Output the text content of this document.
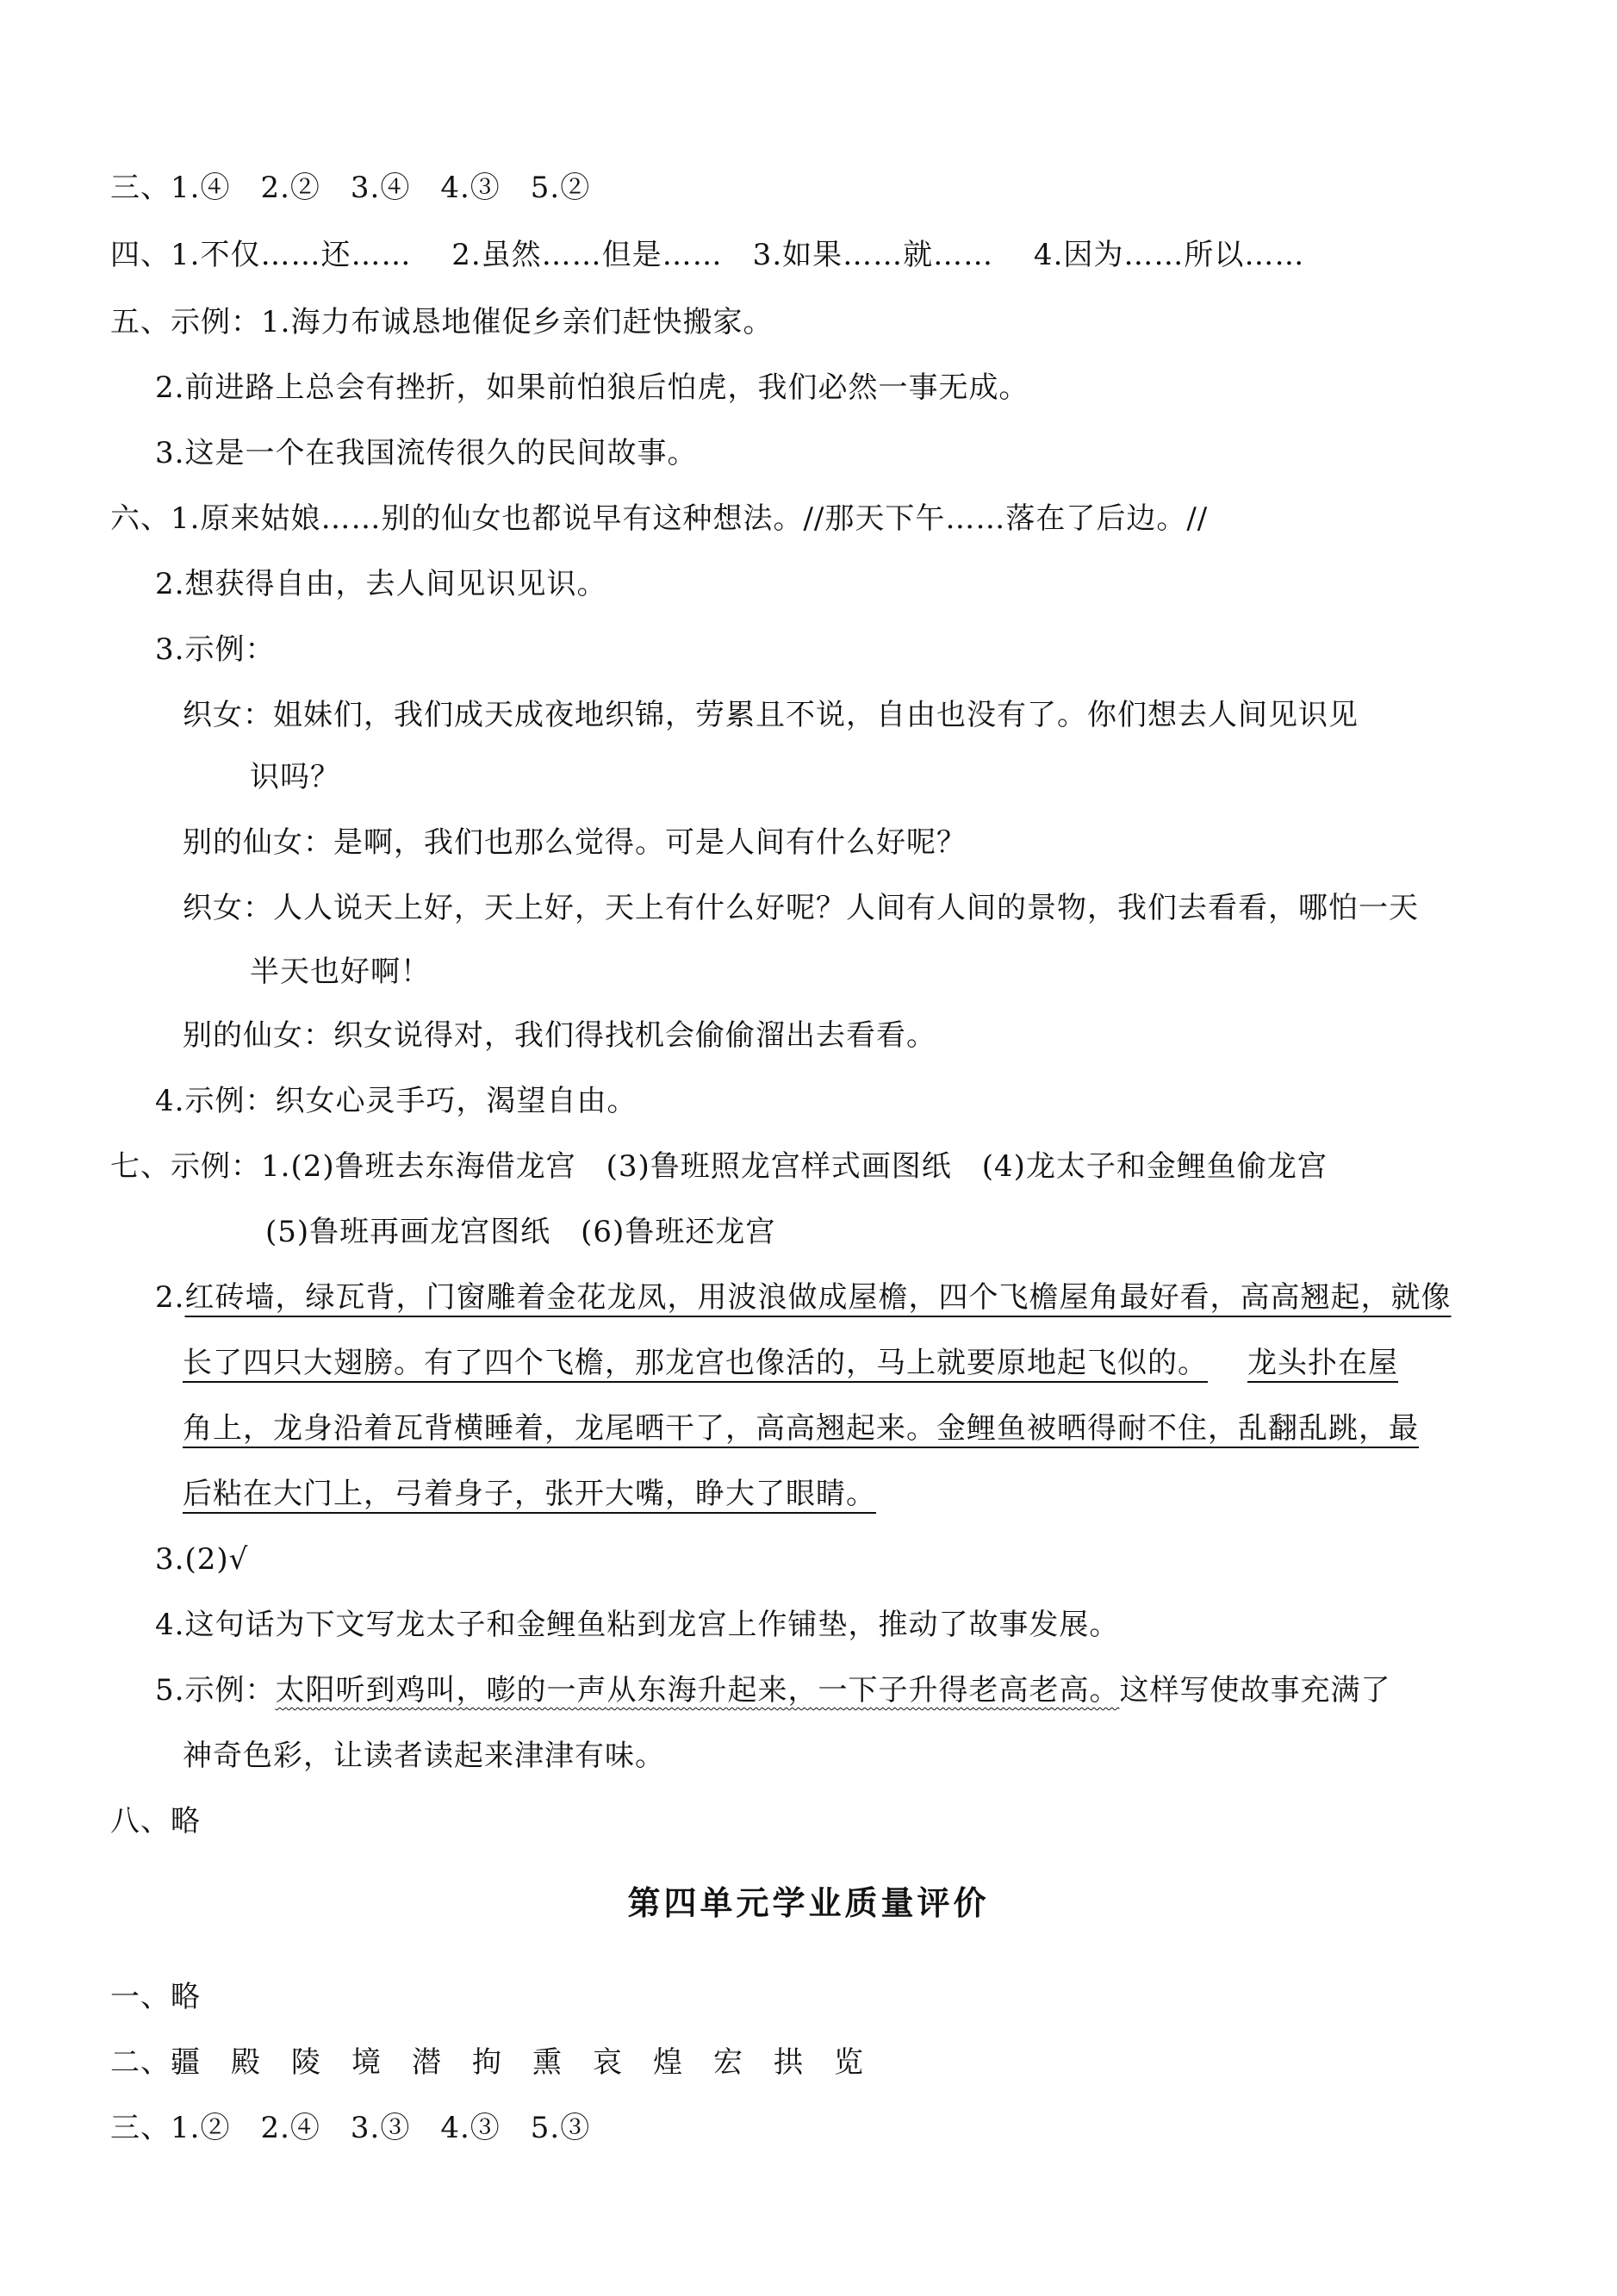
三、1.④　2.②　3.④　4.③　5.②
四、1.不仅……还……　 2.虽然……但是……　3.如果……就……　 4.因为……所以……
五、示例：1.海力布诚恳地催促乡亲们赶快搬家。
2.前进路上总会有挫折，如果前怕狼后怕虎，我们必然一事无成。
3.这是一个在我国流传很久的民间故事。
六、1.原来姑娘……别的仙女也都说早有这种想法。//那天下午……落在了后边。//
2.想获得自由，去人间见识见识。
3.示例：
织女：姐妹们，我们成天成夜地织锦，劳累且不说，自由也没有了。你们想去人间见识见
识吗？
别的仙女：是啊，我们也那么觉得。可是人间有什么好呢？
织女：人人说天上好，天上好，天上有什么好呢？人间有人间的景物，我们去看看，哪怕一天
半天也好啊！
别的仙女：织女说得对，我们得找机会偷偷溜出去看看。
4.示例：织女心灵手巧，渴望自由。
七、示例：1.(2)鲁班去东海借龙宫　(3)鲁班照龙宫样式画图纸　(4)龙太子和金鲤鱼偷龙宫
(5)鲁班再画龙宫图纸　(6)鲁班还龙宫
2.红砖墙，绿瓦背，门窗雕着金花龙凤，用波浪做成屋檐，四个飞檐屋角最好看，高高翘起，就像
长了四只大翅膀。有了四个飞檐，那龙宫也像活的，马上就要原地起飞似的。 龙头扑在屋
角上，龙身沿着瓦背横睡着，龙尾晒干了，高高翘起来。金鲤鱼被晒得耐不住，乱翻乱跳，最
后粘在大门上，弓着身子，张开大嘴，睁大了眼睛。
3.(2)√
4.这句话为下文写龙太子和金鲤鱼粘到龙宫上作铺垫，推动了故事发展。
5.示例：太阳听到鸡叫，嘭的一声从东海升起来，一下子升得老高老高。这样写使故事充满了
神奇色彩，让读者读起来津津有味。
八、略
第四单元学业质量评价
一、略
二、疆　殿　陵　境　潜　拘　熏　哀　煌　宏　拱　览
三、1.②　2.④　3.③　4.③　5.③
